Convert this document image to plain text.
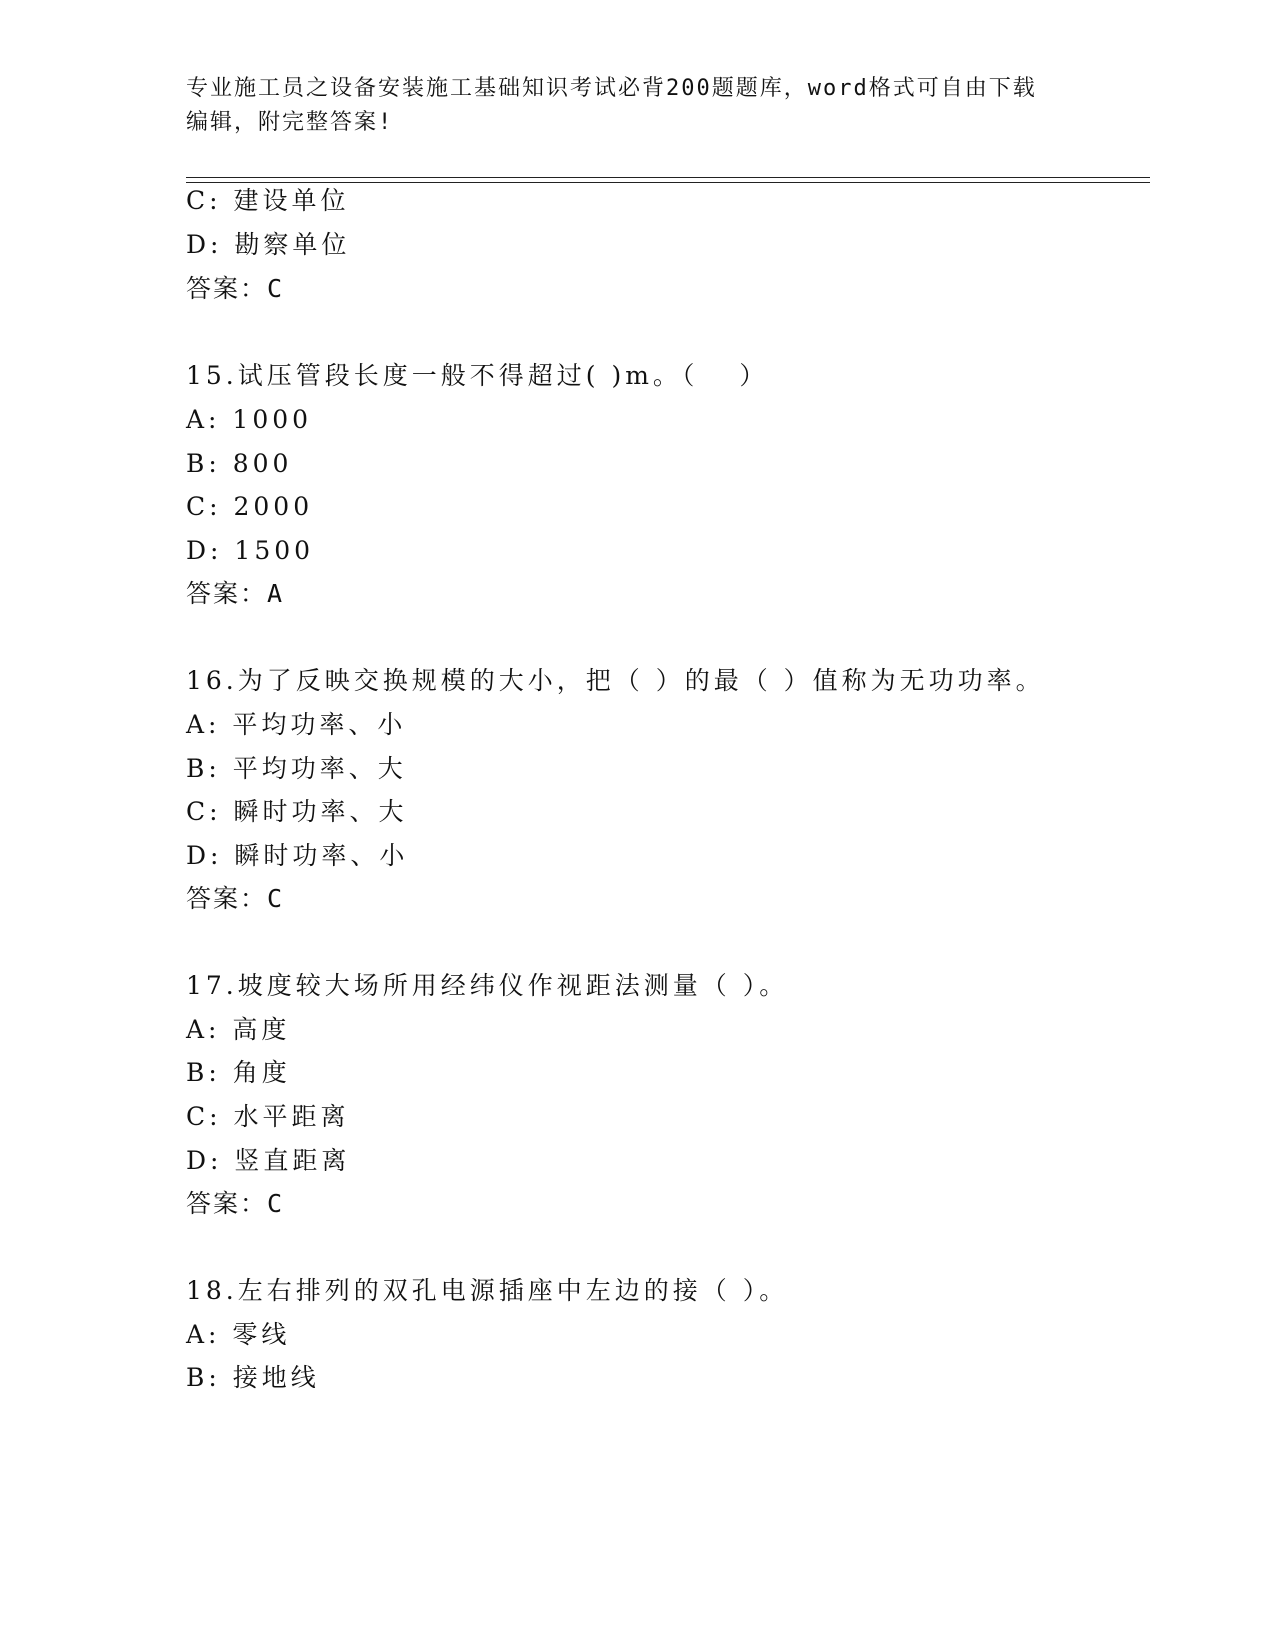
专业施工员之设备安装施工基础知识考试必背200题题库，word格式可自由下载
编辑，附完整答案!
C: 建设单位
D: 勘察单位
答案：C
15.试压管段长度一般不得超过( )m。（　 ）
A: 1000
B: 800
C: 2000
D: 1500
答案：A
16.为了反映交换规模的大小，把（ ）的最（ ）值称为无功功率。
A: 平均功率、小
B: 平均功率、大
C: 瞬时功率、大
D: 瞬时功率、小
答案：C
17.坡度较大场所用经纬仪作视距法测量（ ）。
A: 高度
B: 角度
C: 水平距离
D: 竖直距离
答案：C
18.左右排列的双孔电源插座中左边的接（ ）。
A: 零线
B: 接地线
